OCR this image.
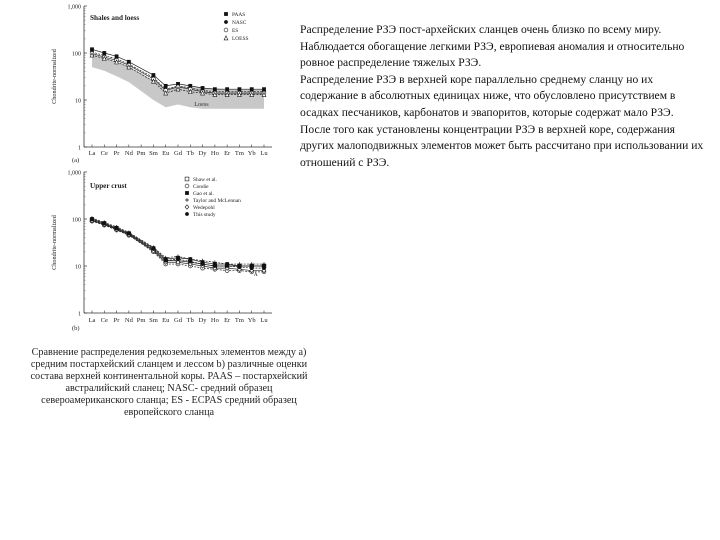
1
10
100
1,000
Chondrite-normalized
La Ce Pr Nd Pm Sm Eu Gd Tb Dy Ho Er Tm Yb Lu
(a)
Shales and loess
Loess
PAAS
NASC
ES
LOESS
1
10
100
1,000
Chondrite-normalized
La Ce Pr Nd Pm Sm Eu Gd Tb Dy Ho Er Tm Yb Lu
(b)
Upper crust
Shaw et al.
Condie
Gao et al.
Taylor and McLennan
Wedepohl
This study
A

Сравнение распределения редкоземельных элементов между а) средним постархейский сланцем и лессом b) различные оценки состава верхней континентальной коры. PAAS – постархейский австралийский сланец; NASC- средний образец североамериканского сланца; ES - ECPAS средний образец европейского сланца

Распределение РЗЭ пост-архейских сланцев очень близко по всему миру. Наблюдается обогащение легкими РЗЭ, европиевая аномалия и относительно ровное распределение тяжелых РЗЭ.

Распределение РЗЭ в верхней коре параллельно среднему сланцу но их содержание в абсолютных единицах ниже, что обусловлено присутствием в осадках песчаников, карбонатов и эвапоритов, которые содержат мало РЗЭ.

После того как установлены концентрации РЗЭ в верхней коре, содержания других малоподвижных элементов может быть рассчитано при использовании их отношений с РЗЭ.
